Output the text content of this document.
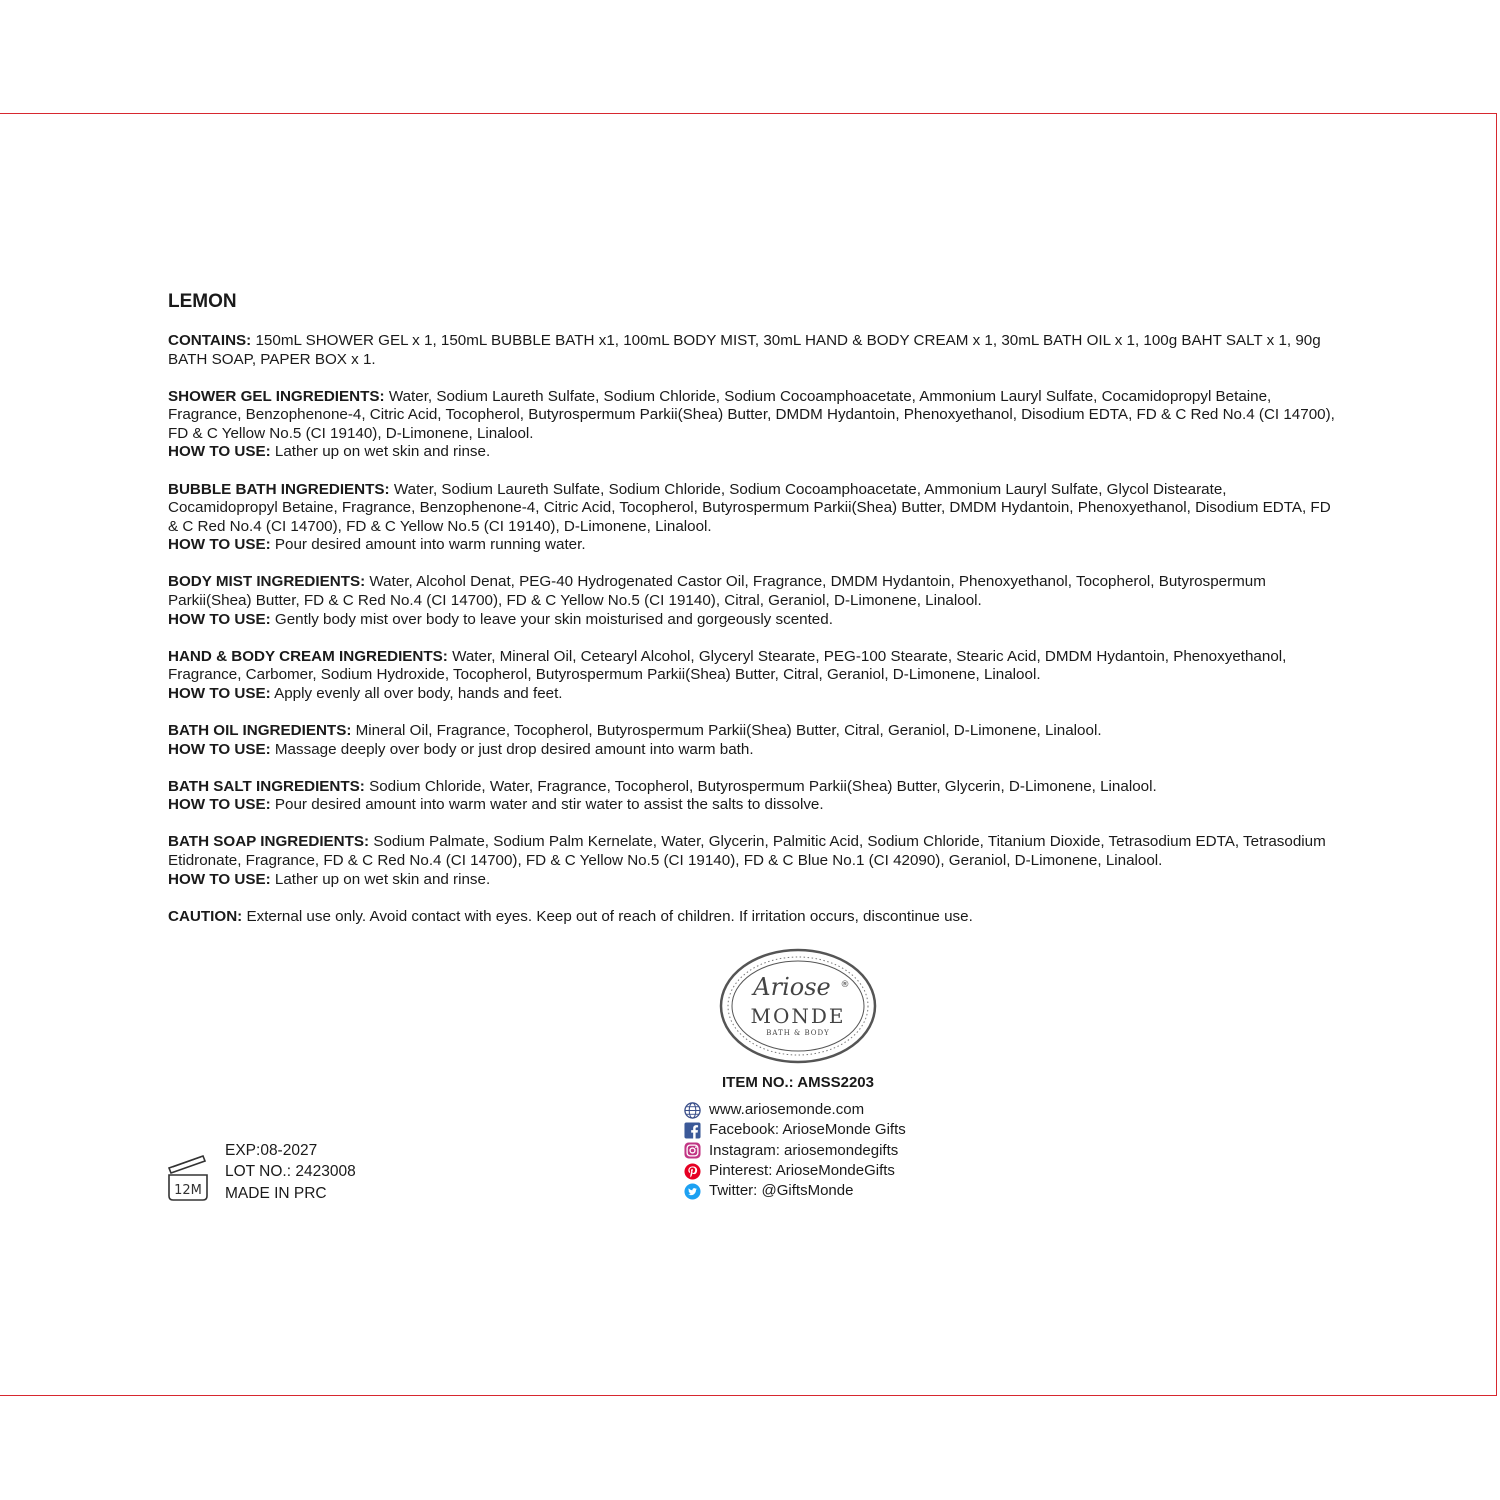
LEMON

CONTAINS: 150mL SHOWER GEL x 1, 150mL BUBBLE BATH x1, 100mL BODY MIST, 30mL HAND & BODY CREAM x 1, 30mL BATH OIL x 1, 100g BAHT SALT x 1, 90g BATH SOAP, PAPER BOX x 1.

SHOWER GEL INGREDIENTS: Water, Sodium Laureth Sulfate, Sodium Chloride, Sodium Cocoamphoacetate, Ammonium Lauryl Sulfate, Cocamidopropyl Betaine, Fragrance, Benzophenone-4, Citric Acid, Tocopherol, Butyrospermum Parkii(Shea) Butter, DMDM Hydantoin, Phenoxyethanol, Disodium EDTA, FD & C Red No.4 (CI 14700), FD & C Yellow No.5 (CI 19140), D-Limonene, Linalool.

HOW TO USE: Lather up on wet skin and rinse.

BUBBLE BATH INGREDIENTS: Water, Sodium Laureth Sulfate, Sodium Chloride, Sodium Cocoamphoacetate, Ammonium Lauryl Sulfate, Glycol Distearate, Cocamidopropyl Betaine, Fragrance, Benzophenone-4, Citric Acid, Tocopherol, Butyrospermum Parkii(Shea) Butter, DMDM Hydantoin, Phenoxyethanol, Disodium EDTA, FD & C Red No.4 (CI 14700), FD & C Yellow No.5 (CI 19140), D-Limonene, Linalool.

HOW TO USE: Pour desired amount into warm running water.

BODY MIST INGREDIENTS: Water, Alcohol Denat, PEG-40 Hydrogenated Castor Oil, Fragrance, DMDM Hydantoin, Phenoxyethanol, Tocopherol, Butyrospermum Parkii(Shea) Butter, FD & C Red No.4 (CI 14700), FD & C Yellow No.5 (CI 19140), Citral, Geraniol, D-Limonene, Linalool.

HOW TO USE: Gently body mist over body to leave your skin moisturised and gorgeously scented.

HAND & BODY CREAM INGREDIENTS: Water, Mineral Oil, Cetearyl Alcohol, Glyceryl Stearate, PEG-100 Stearate, Stearic Acid, DMDM Hydantoin, Phenoxyethanol, Fragrance, Carbomer, Sodium Hydroxide, Tocopherol, Butyrospermum Parkii(Shea) Butter, Citral, Geraniol, D-Limonene, Linalool.

HOW TO USE: Apply evenly all over body, hands and feet.

BATH OIL INGREDIENTS: Mineral Oil, Fragrance, Tocopherol, Butyrospermum Parkii(Shea) Butter, Citral, Geraniol, D-Limonene, Linalool.

HOW TO USE: Massage deeply over body or just drop desired amount into warm bath.

BATH SALT INGREDIENTS: Sodium Chloride, Water, Fragrance, Tocopherol, Butyrospermum Parkii(Shea) Butter, Glycerin, D-Limonene, Linalool.

HOW TO USE: Pour desired amount into warm water and stir water to assist the salts to dissolve.

BATH SOAP INGREDIENTS: Sodium Palmate, Sodium Palm Kernelate, Water, Glycerin, Palmitic Acid, Sodium Chloride, Titanium Dioxide, Tetrasodium EDTA, Tetrasodium Etidronate, Fragrance, FD & C Red No.4 (CI 14700), FD & C Yellow No.5 (CI 19140), FD & C Blue No.1 (CI 42090), Geraniol, D-Limonene, Linalool.

HOW TO USE: Lather up on wet skin and rinse.

CAUTION: External use only. Avoid contact with eyes. Keep out of reach of children. If irritation occurs, discontinue use.

Ariose ®
MONDE
BATH & BODY
ITEM NO.: AMSS2203
www.ariosemonde.com
Facebook: ArioseMonde Gifts
Instagram: ariosemondegifts
Pinterest: ArioseMondeGifts
Twitter: @GiftsMonde
12M
EXP:08-2027
LOT NO.: 2423008
MADE IN PRC
